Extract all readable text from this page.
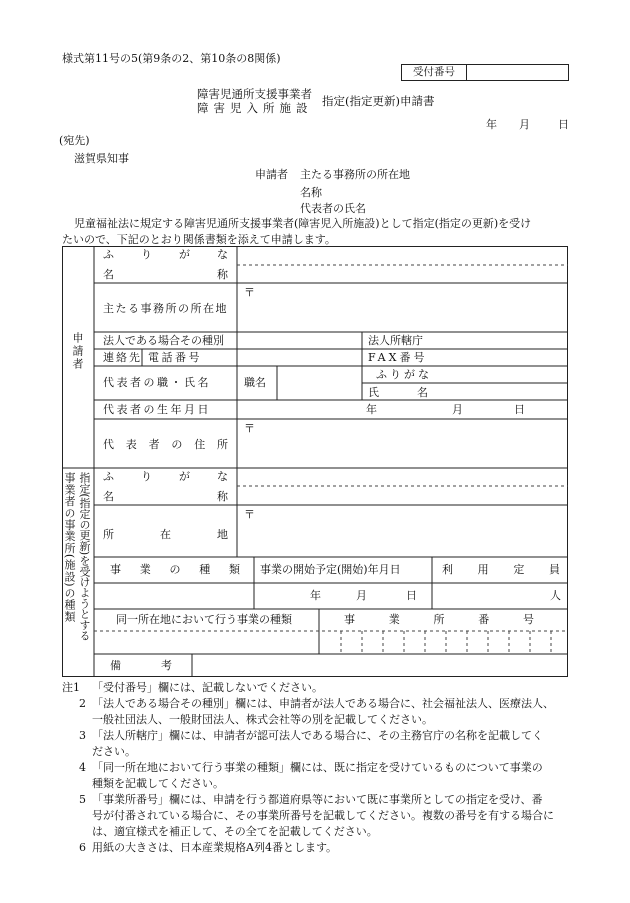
様式第11号の5(第9条の2、第10条の8関係)
受付番号
障害児通所支援事業者
障害児入所施設 指定(指定更新)申請書
年 月	日
(宛先)
滋賀県知事
申請者 主たる事務所の所在地
名称
代表者の氏名
児童福祉法に規定する障害児通所支援事業者(障害児入所施設)として指定(指定の更新)を受け
たいので、下記のとおり関係書類を添えて申請します。
申請者
事業者の事業所(施設)の種類 指定(指定の更新)を受けようとする
ふ り が な
名	称
主たる事務所の所在地
〒
法人である場合その種別	法人所轄庁
連絡先 電話番号	FAX番号
代表者の職・氏名	職名
ふりがな
氏	名
代表者の生年月日	年	月	日
代 表 者 の 住 所
〒
ふ り が な
名	称
所	在	地
〒
事 業 の 種 類 事業の開始予定(開始)年月日	利 用 定 員
年	月	日	人
同一所在地において行う事業の種類	事	業	所	番	号
備	考
注1	「受付番号」欄には、記載しないでください。
2 「法人である場合その種別」欄には、申請者が法人である場合に、社会福祉法人、医療法人、
一般社団法人、一般財団法人、株式会社等の別を記載してください。
3 「法人所轄庁」欄には、申請者が認可法人である場合に、その主務官庁の名称を記載してく
ださい。
4 「同一所在地において行う事業の種類」欄には、既に指定を受けているものについて事業の
種類を記載してください。
5 「事業所番号」欄には、申請を行う都道府県等において既に事業所としての指定を受け、番
号が付番されている場合に、その事業所番号を記載してください。複数の番号を有する場合に
は、適宜様式を補正して、その全てを記載してください。
6 用紙の大きさは、日本産業規格A列4番とします。
